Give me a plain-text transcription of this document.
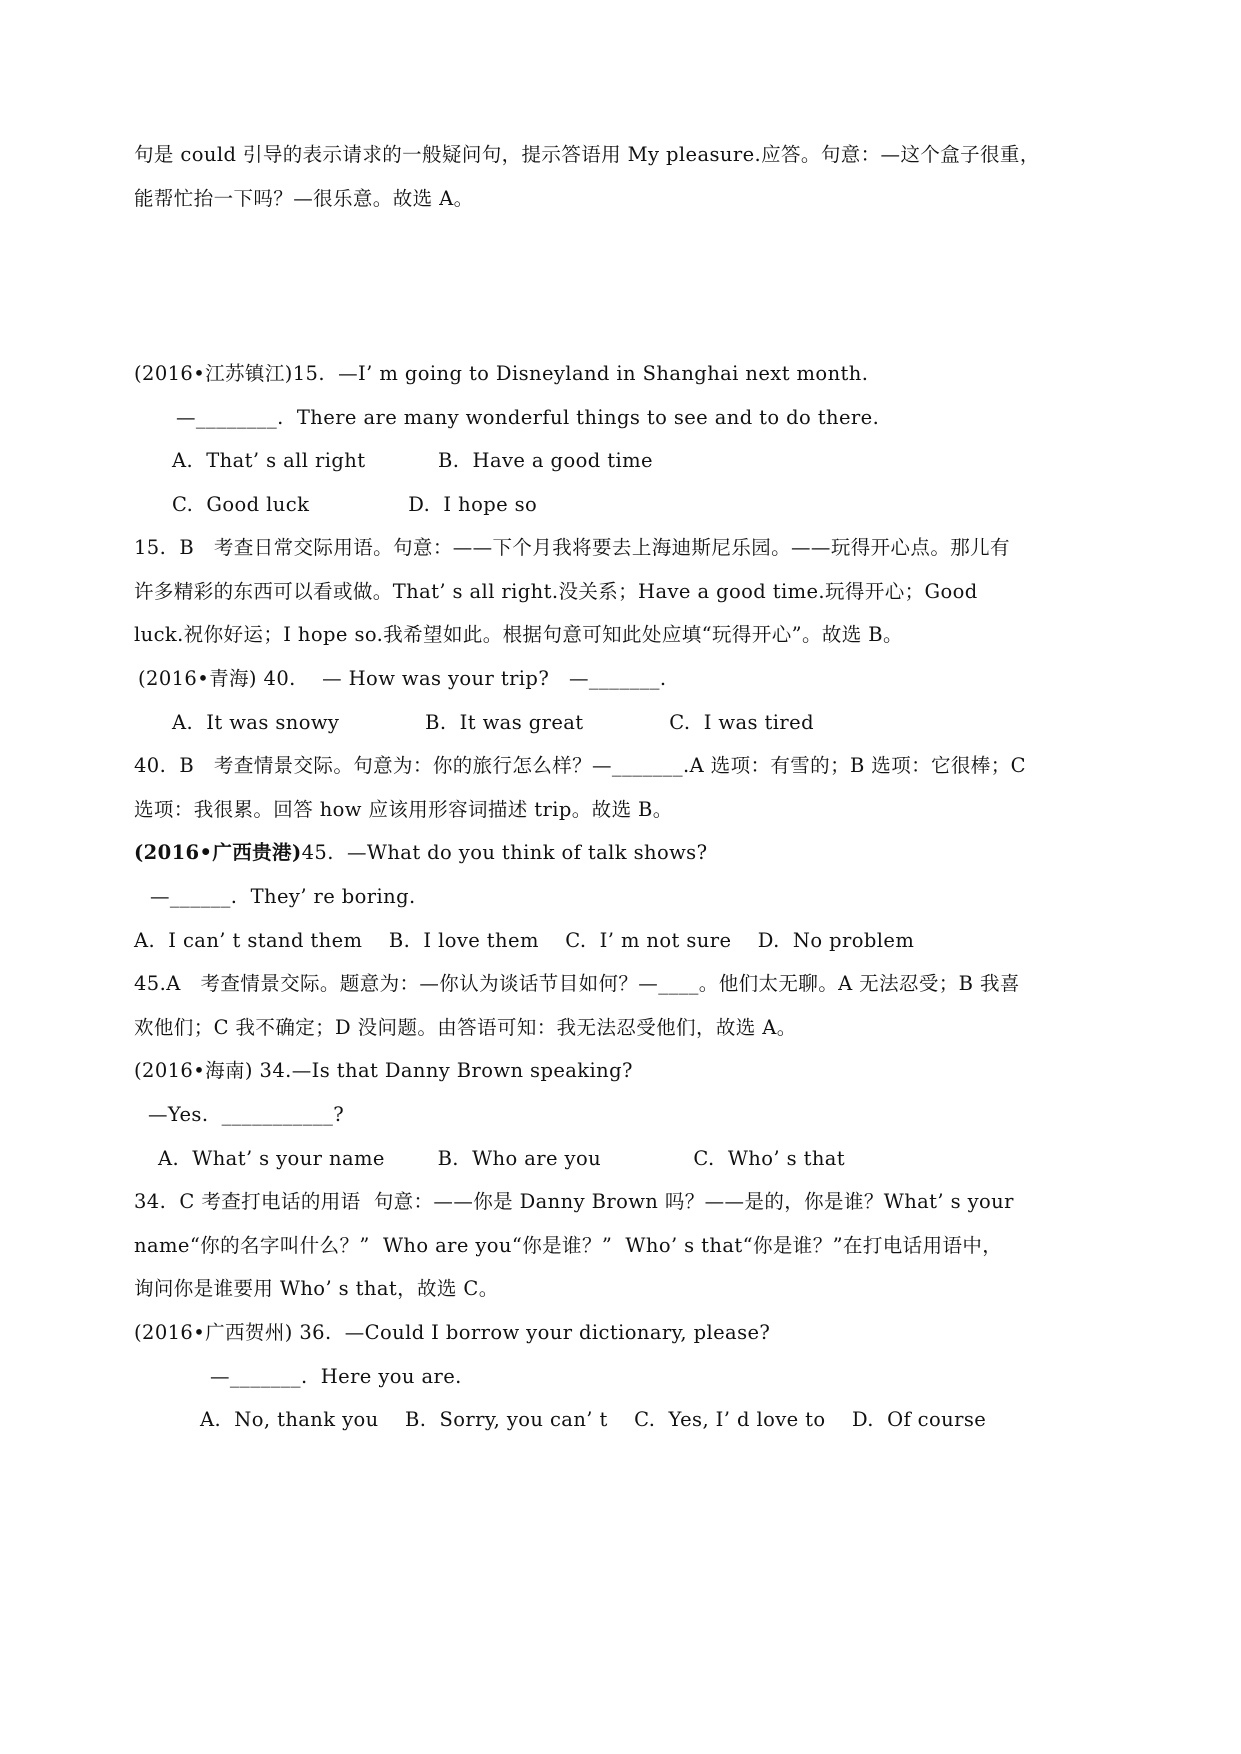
句是 could 引导的表示请求的一般疑问句，提示答语用 My pleasure.应答。句意：—这个盒子很重，
能帮忙抬一下吗？—很乐意。故选 A。
(2016•江苏镇江)15.  —I’ m going to Disneyland in Shanghai next month.
—________.  There are many wonderful things to see and to do there.
A.  That’ s all right           B.  Have a good time
C.  Good luck               D.  I hope so
15.  B   考查日常交际用语。句意：——下个月我将要去上海迪斯尼乐园。——玩得开心点。那儿有
许多精彩的东西可以看或做。That’ s all right.没关系；Have a good time.玩得开心；Good
luck.祝你好运；I hope so.我希望如此。根据句意可知此处应填“玩得开心”。故选 B。
(2016•青海) 40.    — How was your trip?   —_______.
A.  It was snowy             B.  It was great             C.  I was tired
40.  B   考查情景交际。句意为：你的旅行怎么样？—_______.A 选项：有雪的；B 选项：它很棒；C
选项：我很累。回答 how 应该用形容词描述 trip。故选 B。
(2016•广西贵港)45.  —What do you think of talk shows?
—______.  They’ re boring.
A.  I can’ t stand them    B.  I love them    C.  I’ m not sure    D.  No problem
45.A   考查情景交际。题意为：—你认为谈话节目如何？—____。他们太无聊。A 无法忍受；B 我喜
欢他们；C 我不确定；D 没问题。由答语可知：我无法忍受他们，故选 A。
(2016•海南) 34.—Is that Danny Brown speaking?
—Yes.  ___________?
A.  What’ s your name        B.  Who are you              C.  Who’ s that
34.  C 考查打电话的用语  句意：——你是 Danny Brown 吗？——是的，你是谁？What’ s your
name“你的名字叫什么？”  Who are you“你是谁？”  Who’ s that“你是谁？”在打电话用语中，
询问你是谁要用 Who’ s that，故选 C。
(2016•广西贺州) 36.  —Could I borrow your dictionary, please?
—_______.  Here you are.
A.  No, thank you    B.  Sorry, you can’ t    C.  Yes, I’ d love to    D.  Of course
